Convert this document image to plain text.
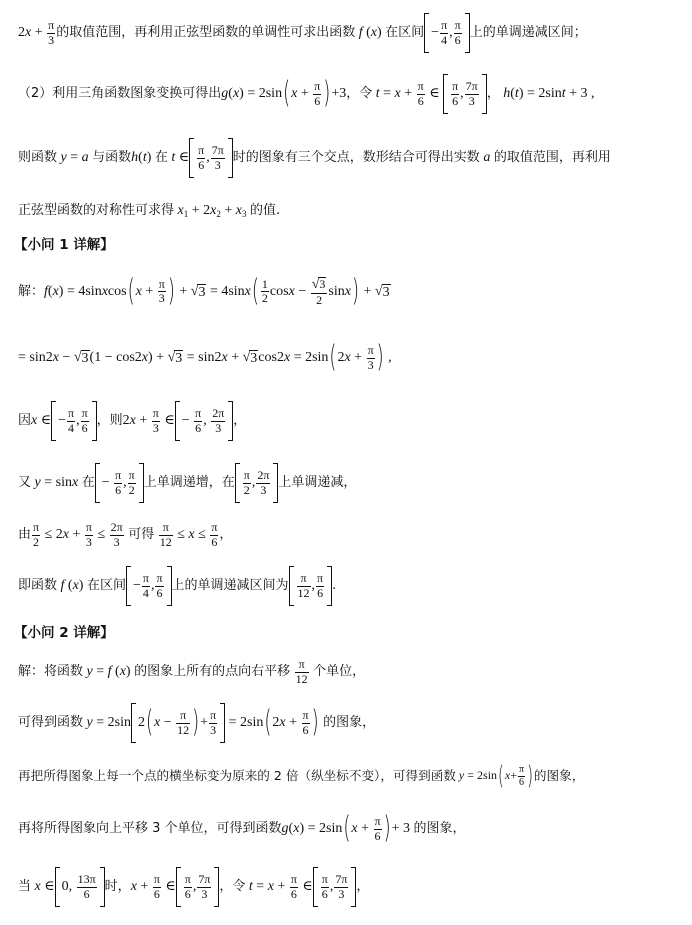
2 $x + \frac{\pi}{3}$ 的取值范围，再利用正弦型函数的单调性可求出函数
f ( x ) 在区间 − $\frac{\pi}{4}$ , $\frac{\pi}{6}$ 上的单调递减区间；
（2）利用三角函数图象变换可得出 g ( x ) = 2sin ( $x + \frac{\pi}{6}$ ) +3 ，令
$t = x + \frac{\pi}{6}$ ∈ $\frac{\pi}{6}$ , $\frac{7\pi}{3}$ ，
h ( t ) = 2sin t + 3 ,
则函数
y = a
与函数 h ( t ) 在
t ∈ $\frac{\pi}{6}$ , $\frac{7\pi}{3}$ 时的图象有三个交点，数形结合可得出实数
a
的取值范围，再利用
正弦型函数的对称性可求得
x 1 + 2 x 2 + x 3
的值.
【小问 1 详解】
解： f ( x ) = 4sin x cos ( $x + \frac{\pi}{3}$ ) + √ 3 = 4sin x ( $\frac{1}{2}$ $\cos x - \frac{√ 3}{2}$ sin x ) + √ 3
= sin2 x − √ 3 (1 − cos2 x ) + √ 3 = sin2 x + √ 3 cos2 x = 2sin ( 2 $x + \frac{\pi}{3}$ ) ,
因 x ∈ − $\frac{\pi}{4}$ , $\frac{\pi}{6}$ ，则 2 $x + \frac{\pi}{3}$ ∈ − $\frac{\pi}{6}$ , $\frac{2\pi}{3}$ ，
又
y = sin x
在 − $\frac{\pi}{6}$ , $\frac{\pi}{2}$ 上单调递增，在 $\frac{\pi}{2}$ , $\frac{2\pi}{3}$ 上单调递减，
由 $\frac{\pi}{2} \le 2$ $x + \frac{\pi}{3} \le \frac{2\pi}{3}$
可得
$\frac{\pi}{12} \le x \le \frac{\pi}{6}$ ，
即函数
f ( x ) 在区间 − $\frac{\pi}{4}$ , $\frac{\pi}{6}$ 上的单调递减区间为 $\frac{\pi}{12}$ , $\frac{\pi}{6}$ .
【小问 2 详解】
解：将函数
y = f ( x ) 的图象上所有的点向右平移
$\frac{\pi}{12}$
个单位，
可得到函数
y = 2sin 2 ( $x - \frac{\pi}{12}$ ) + $\frac{\pi}{3} = 2\sin$ ( 2 $x + \frac{\pi}{6}$ )
的图象，
再把所得图象上每一个点的横坐标变为原来的 2 倍（纵坐标不变），可得到函数
y = 2sin ( $x + \frac{\pi}{6}$ ) 的图象，
再将所得图象向上平移 3 个单位，可得到函数 g ( x ) = 2sin ( $x + \frac{\pi}{6}$ ) + 3 的图象，
当
x ∈ 0, $\frac{13\pi}{6}$ 时， $x + \frac{\pi}{6}$ ∈ $\frac{\pi}{6}$ , $\frac{7\pi}{3}$ ，令
$t = x + \frac{\pi}{6}$ ∈ $\frac{\pi}{6}$ , $\frac{7\pi}{3}$ ，
